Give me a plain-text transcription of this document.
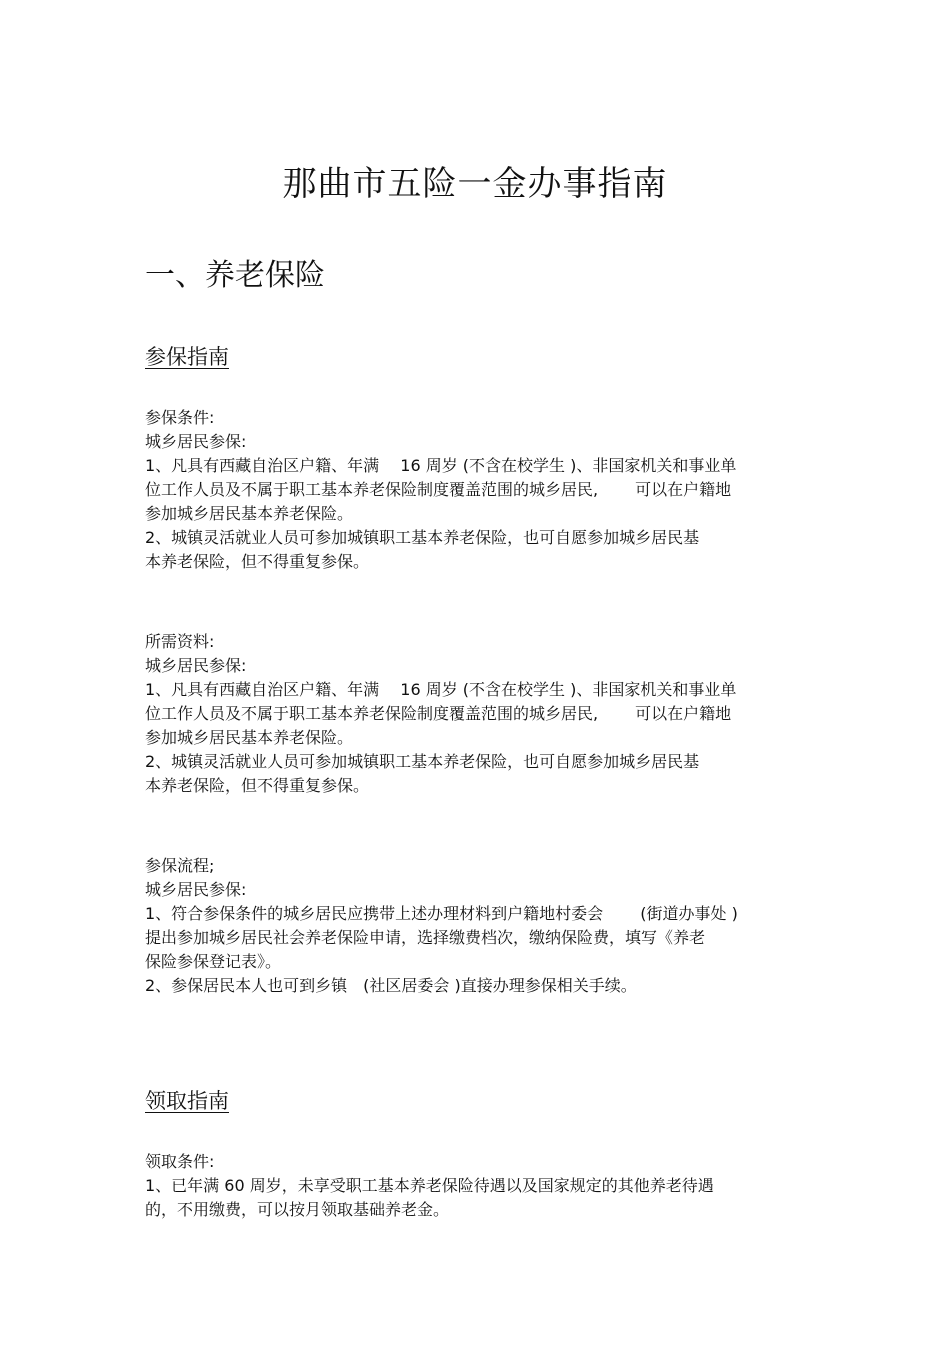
那曲市五险一金办事指南
一、养老保险
参保指南

参保条件:

城乡居民参保:

1、凡具有西藏自治区户籍、年满　 16 周岁 (不含在校学生 )、非国家机关和事业单

位工作人员及不属于职工基本养老保险制度覆盖范围的城乡居民,　　 可以在户籍地

参加城乡居民基本养老保险。

2、城镇灵活就业人员可参加城镇职工基本养老保险，也可自愿参加城乡居民基

本养老保险，但不得重复参保。

所需资料:

城乡居民参保:

1、凡具有西藏自治区户籍、年满　 16 周岁 (不含在校学生 )、非国家机关和事业单

位工作人员及不属于职工基本养老保险制度覆盖范围的城乡居民,　　 可以在户籍地

参加城乡居民基本养老保险。

2、城镇灵活就业人员可参加城镇职工基本养老保险，也可自愿参加城乡居民基

本养老保险，但不得重复参保。

参保流程;

城乡居民参保:

1、符合参保条件的城乡居民应携带上述办理材料到户籍地村委会　　 (街道办事处 )

提出参加城乡居民社会养老保险申请，选择缴费档次，缴纳保险费，填写《养老

保险参保登记表》。

2、参保居民本人也可到乡镇　(社区居委会 )直接办理参保相关手续。

领取指南

领取条件:

1、已年满 60 周岁，未享受职工基本养老保险待遇以及国家规定的其他养老待遇

的，不用缴费，可以按月领取基础养老金。
